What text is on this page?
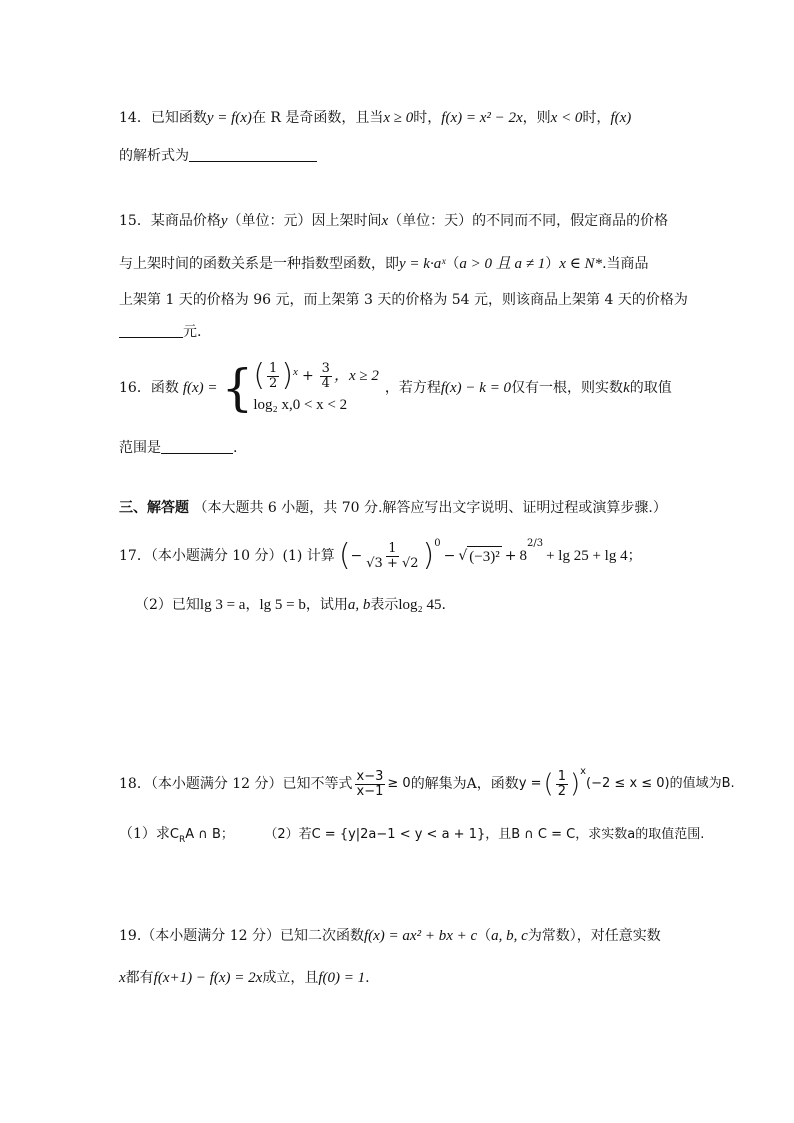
14．已知函数y = f(x)在 R 是奇函数，且当x ≥ 0时，f(x) = x² − 2x，则x < 0时，f(x)
的解析式为
15．某商品价格y（单位：元）因上架时间x（单位：天）的不同而不同，假定商品的价格
与上架时间的函数关系是一种指数型函数，即y = k·aˣ（a > 0 且 a ≠ 1）x ∈ N*.当商品
上架第 1 天的价格为 96 元，而上架第 3 天的价格为 54 元，则该商品上架第 4 天的价格为
元.
16．函数 f(x) = { ( $\frac{1}{2} )^x + \frac{3}{4}$ ，x ≥ 2
log₂ x,0 < x < 2
，若方程 f(x) − k = 0 仅有一根，则实数 k 的取值
范围是	.
三、解答题 （本大题共 6 小题，共 70 分.解答应写出文字说明、证明过程或演算步骤.）
17．（本小题满分 10 分）(1) 计算 ( − $\frac{1}{√3 + √2} )^0$
− √ (−3)² + 8
$^{2/3}$
+ lg 25 + lg 4 ；
（2）已知lg 3 = a，lg 5 = b，试用a, b表示log₂ 45.
18．（本小题满分 12 分）已知不等式 $\frac{x-3}{x-1} \ge 0$ 的解集为A，函数 y = ( $\frac{1}{2} )^x$
(−2 ≤ x ≤ 0) 的值域为B.
（1）求$C_RA$ ∩ B； （2）若C = {y|2a−1 < y < a + 1}，且B ∩ C = C，求实数a的取值范围.
19.（本小题满分 12 分）已知二次函数f(x) = ax² + bx + c（a, b, c为常数），对任意实数
x都有f(x+1) − f(x) = 2x成立，且f(0) = 1.
